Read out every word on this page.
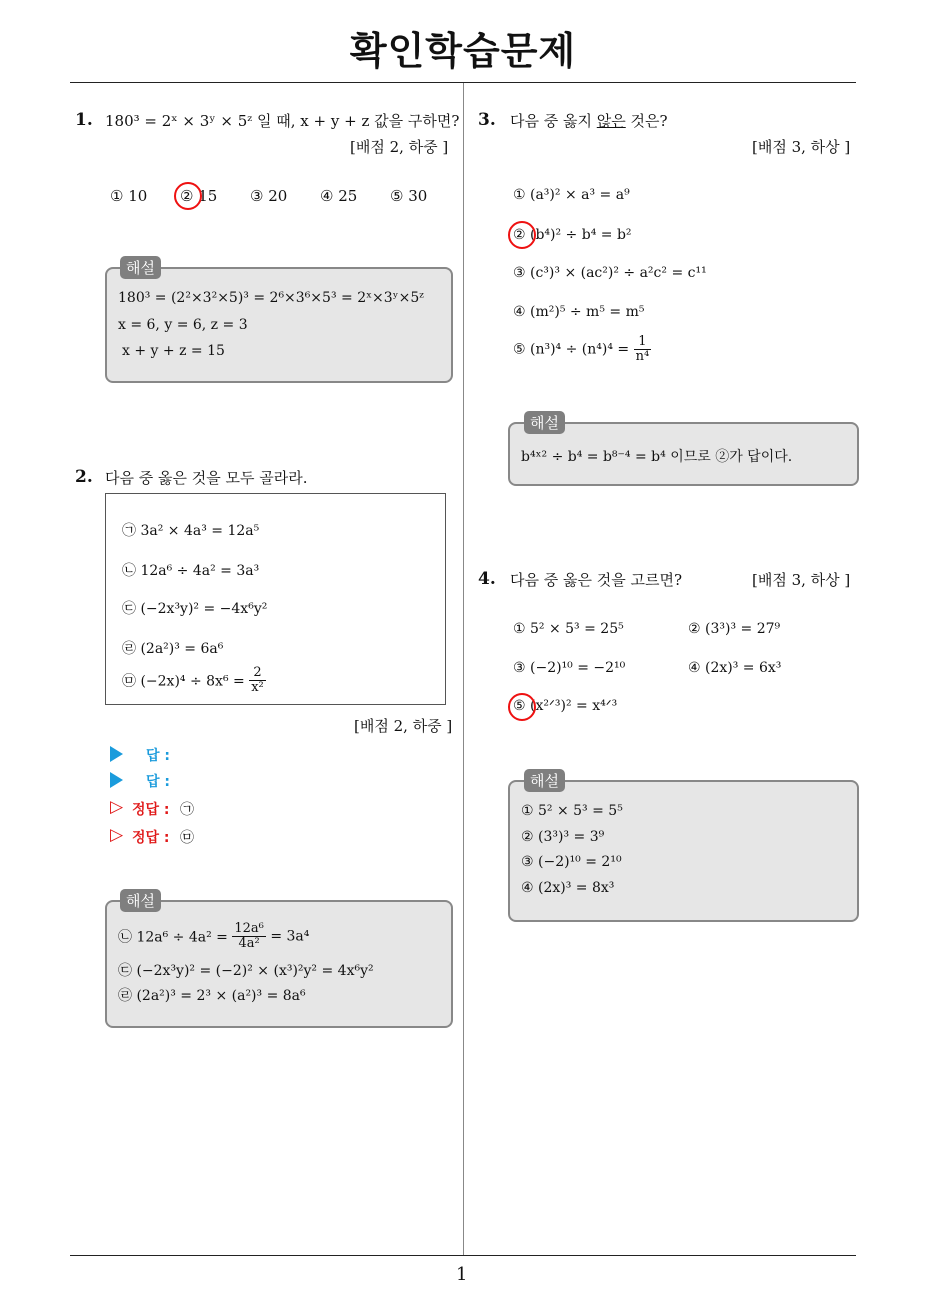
확인학습문제
1. 180³ = 2ˣ × 3ʸ × 5ᶻ 일 때, x + y + z 값을 구하면?
[배점 2, 하중 ]
① 10 ② 15 ③ 20 ④ 25 ⑤ 30
해설
180³ = (2²×3²×5)³ = 2⁶×3⁶×5³ = 2ˣ×3ʸ×5ᶻ
x = 6, y = 6, z = 3
x + y + z = 15
2. 다음 중 옳은 것을 모두 골라라.
㉠ 3a² × 4a³ = 12a⁵
㉡ 12a⁶ ÷ 4a² = 3a³
㉢ (−2x³y)² = −4x⁶y²
㉣ (2a²)³ = 6a⁶
㉤ $(-2x)^4 \div 8x^6 = \frac{2}{\text{x²}}$
[배점 2, 하중 ]
답 :
답 :
▷ 정답 : ㉠
▷ 정답 : ㉤
해설
㉡ $12a^6 \div 4a^2 = \frac{\text{12a⁶}}{\text{4a²}} = 3a^4$
㉢ (−2x³y)² = (−2)² × (x³)²y² = 4x⁶y²
㉣ (2a²)³ = 2³ × (a²)³ = 8a⁶
3. 다음 중 옳지 않은 것은?
[배점 3, 하상 ]
① (a³)² × a³ = a⁹
② (b⁴)² ÷ b⁴ = b²
③ (c³)³ × (ac²)² ÷ a²c² = c¹¹
④ (m²)⁵ ÷ m⁵ = m⁵
⑤ $(n^3)^4 \div (n^4)^4 = \frac{1}{\text{n⁴}}$
해설
b⁴ˣ² ÷ b⁴ = b⁸⁻⁴ = b⁴ 이므로 ②가 답이다.
4. 다음 중 옳은 것을 고르면?	[배점 3, 하상 ]
① 5² × 5³ = 25⁵	② (3³)³ = 27⁹
③ (−2)¹⁰ = −2¹⁰	④ (2x)³ = 6x³
⑤ (x²ᐟ³)² = x⁴ᐟ³
해설
① 5² × 5³ = 5⁵
② (3³)³ = 3⁹
③ (−2)¹⁰ = 2¹⁰
④ (2x)³ = 8x³
1
